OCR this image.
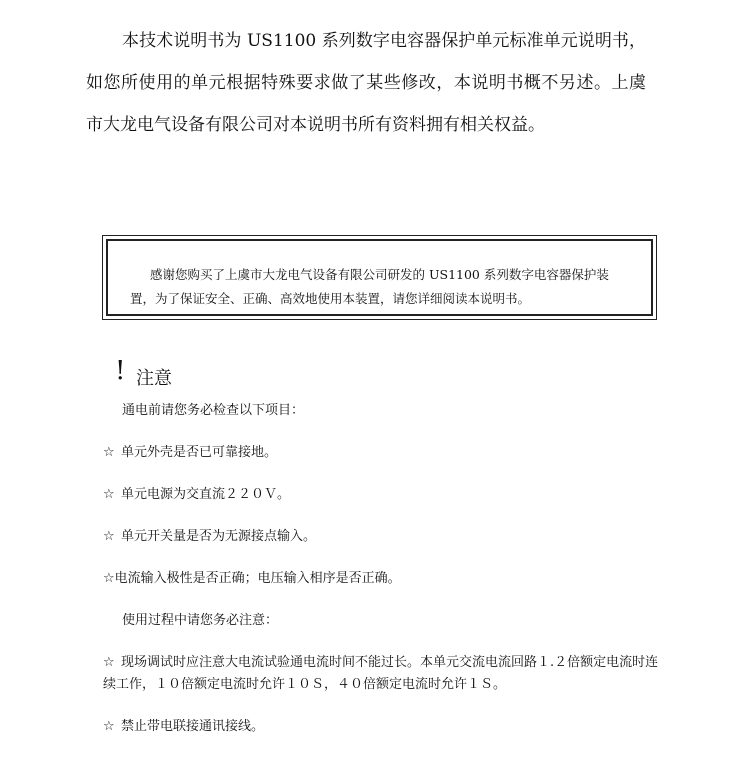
本技术说明书为 US1100 系列数字电容器保护单元标准单元说明书，如您所使用的单元根据特殊要求做了某些修改，本说明书概不另述。上虞市大龙电气设备有限公司对本说明书所有资料拥有相关权益。

感谢您购买了上虞市大龙电气设备有限公司研发的 US1100 系列数字电容器保护装置，为了保证安全、正确、高效地使用本装置，请您详细阅读本说明书。

! 注意
通电前请您务必检查以下项目：
☆ 单元外壳是否已可靠接地。
☆ 单元电源为交直流２２０Ｖ。
☆ 单元开关量是否为无源接点输入。
☆电流输入极性是否正确；电压输入相序是否正确。
使用过程中请您务必注意：
☆ 现场调试时应注意大电流试验通电流时间不能过长。本单元交流电流回路１.２倍额定电流时连续工作，１０倍额定电流时允许１０Ｓ，４０倍额定电流时允许１Ｓ。
☆ 禁止带电联接通讯接线。
